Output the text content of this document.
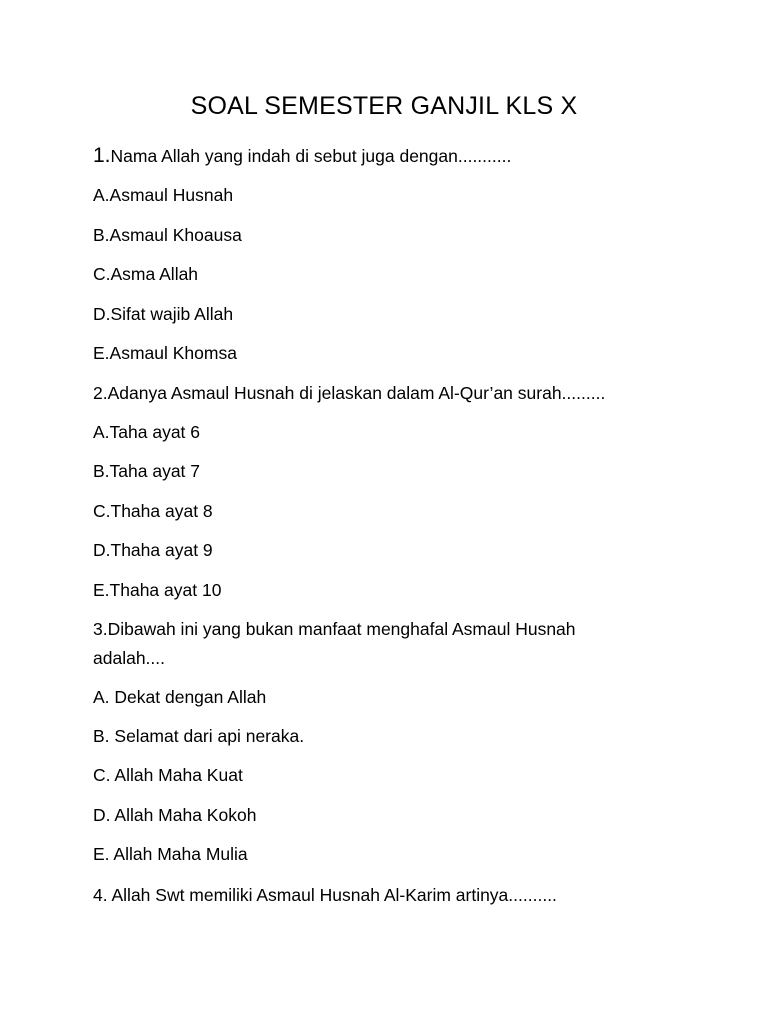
SOAL SEMESTER GANJIL KLS X
1.Nama Allah yang indah di sebut juga dengan...........
A.Asmaul Husnah
B.Asmaul Khoausa
C.Asma Allah
D.Sifat wajib Allah
E.Asmaul Khomsa
2.Adanya Asmaul Husnah di jelaskan dalam Al-Qur’an surah.........
A.Taha ayat 6
B.Taha ayat 7
C.Thaha ayat 8
D.Thaha ayat 9
E.Thaha ayat 10
3.Dibawah ini yang bukan manfaat menghafal Asmaul Husnah
adalah....
A. Dekat dengan Allah
B. Selamat dari api neraka.
C. Allah Maha Kuat
D. Allah Maha Kokoh
E. Allah Maha Mulia
4. Allah Swt memiliki Asmaul Husnah Al-Karim artinya..........
